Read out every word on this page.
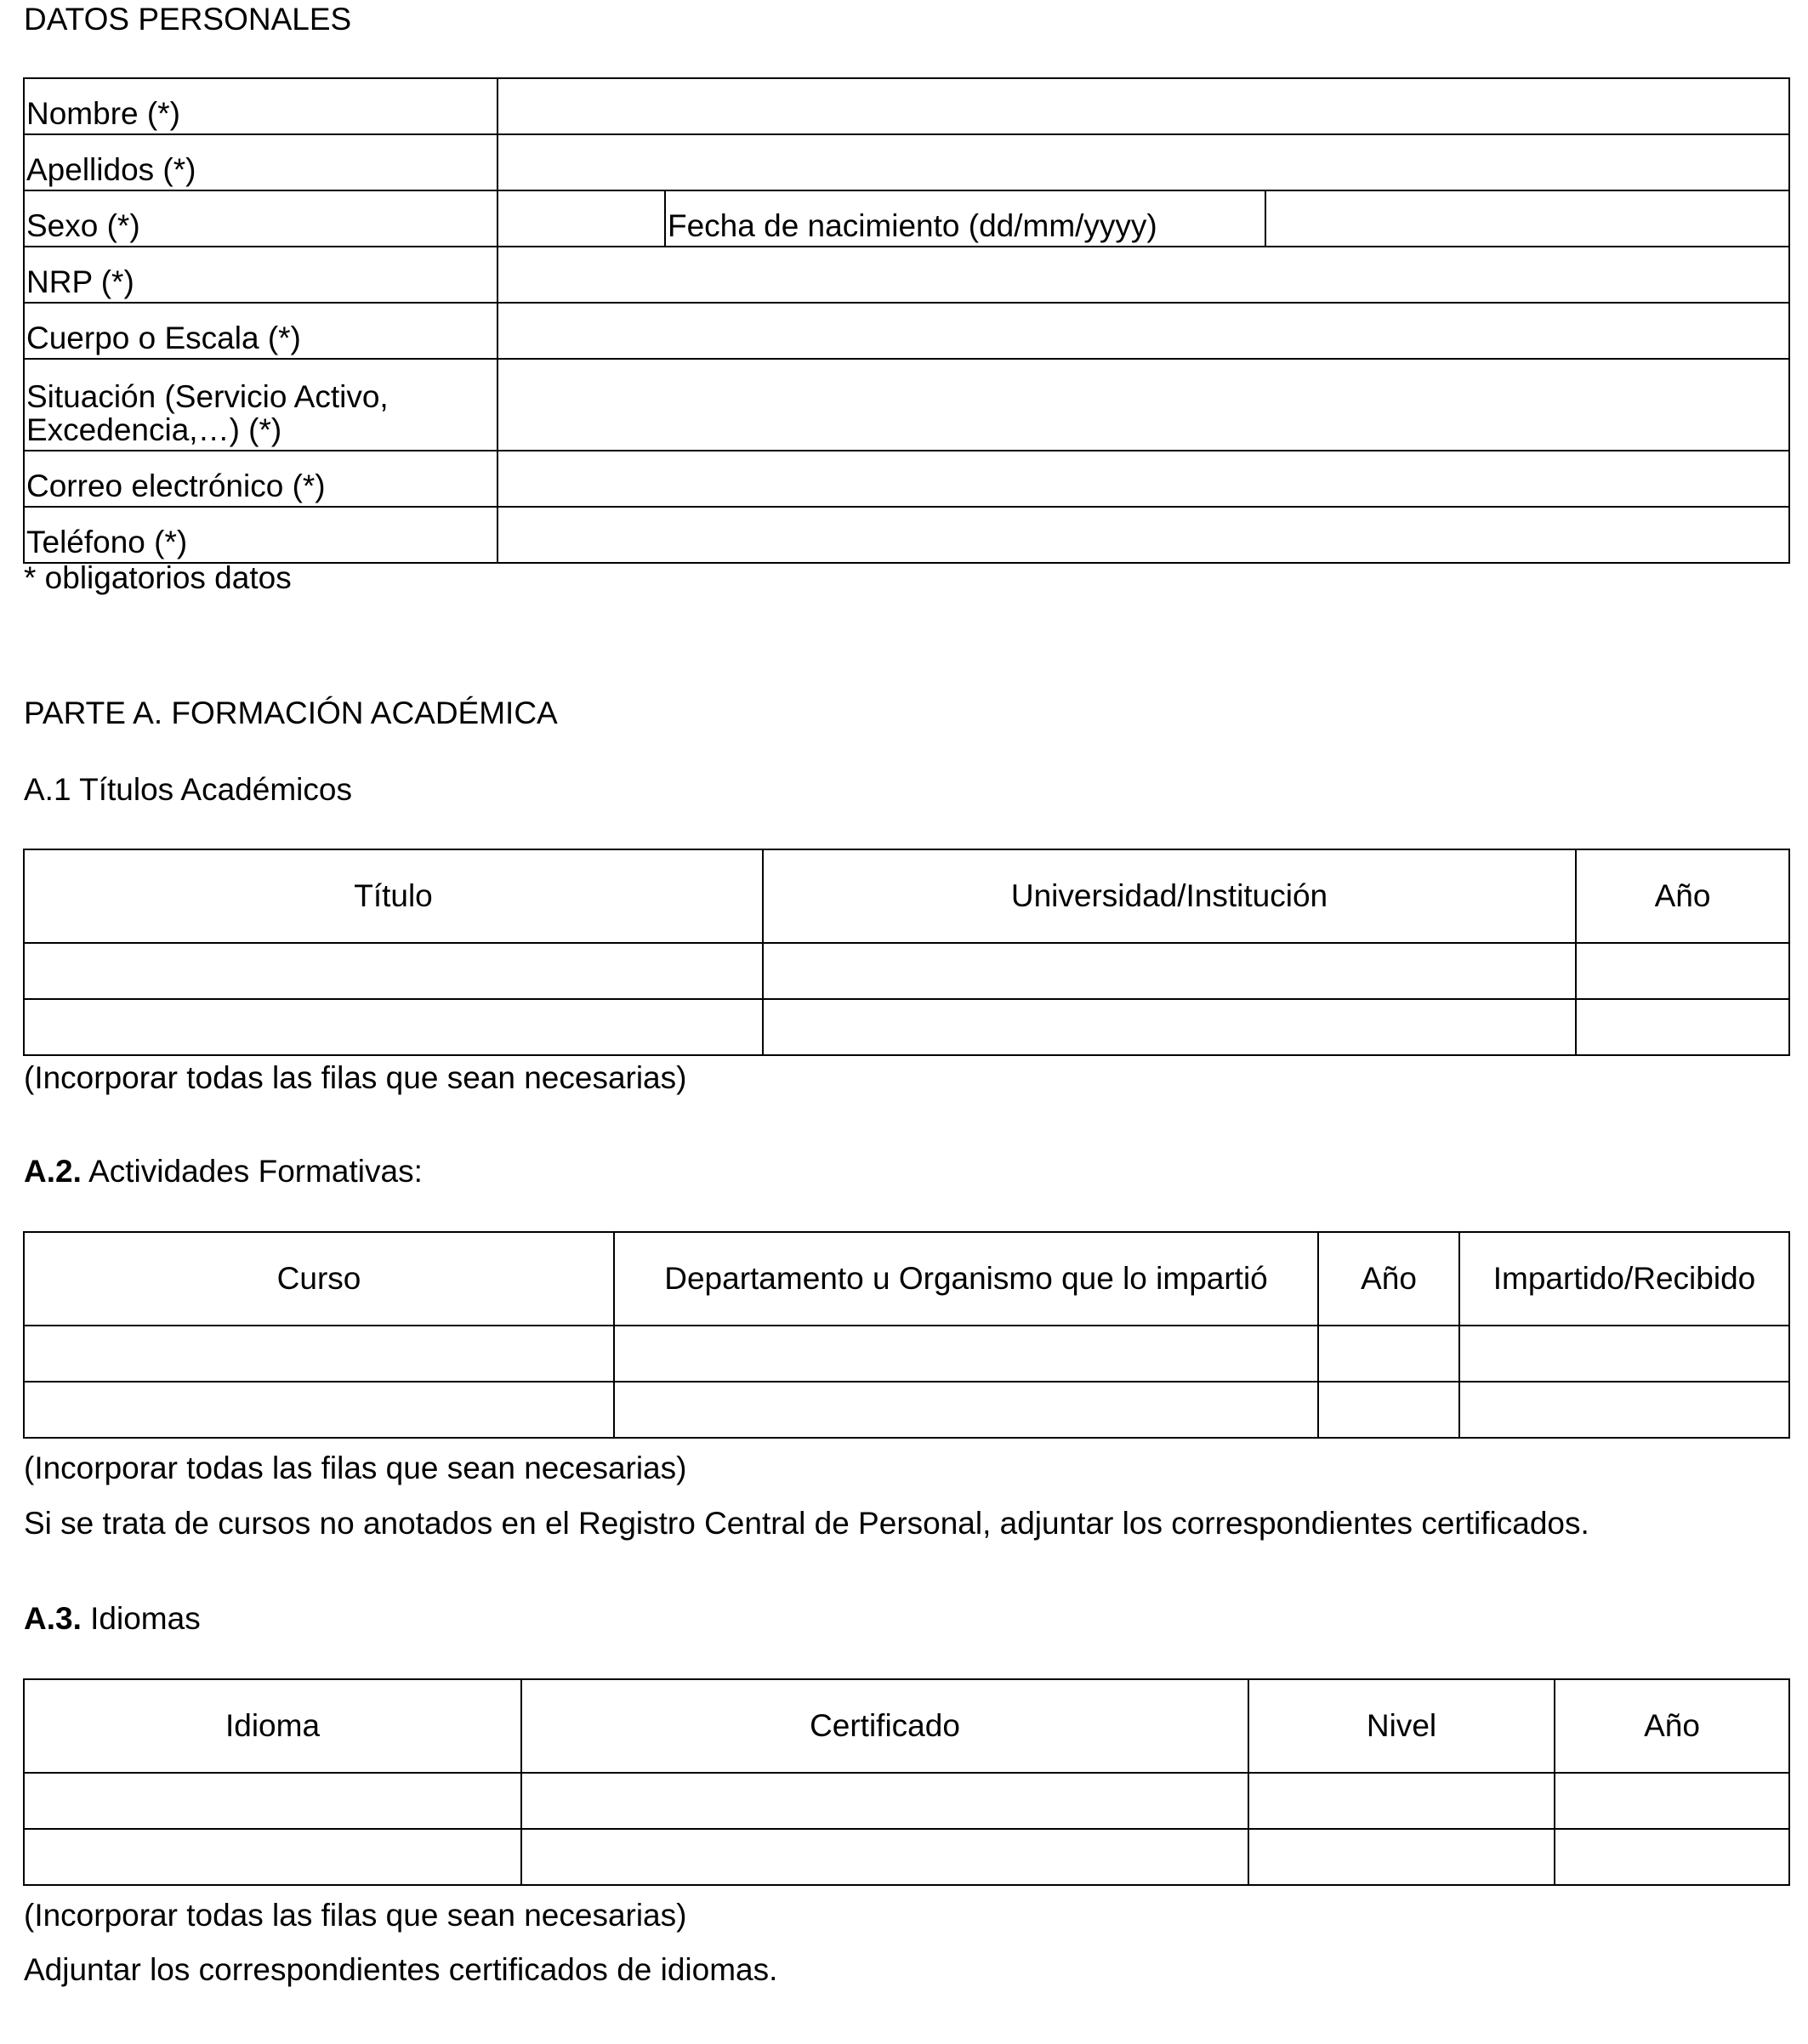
DATOS PERSONALES
Nombre (*)			
Apellidos (*)			
Sexo (*)		Fecha de nacimiento (dd/mm/yyyy)	
NRP (*)			
Cuerpo o Escala (*)			
Situación (Servicio Activo,
Excedencia,…) (*)			
Correo electrónico (*)			
Teléfono (*)			
* obligatorios datos
PARTE A. FORMACIÓN ACADÉMICA
A.1 Títulos Académicos
Título	Universidad/Institución	Año

(Incorporar todas las filas que sean necesarias)
A.2. Actividades Formativas:
Curso	Departamento u Organismo que lo impartió	Año	Impartido/Recibido

(Incorporar todas las filas que sean necesarias)
Si se trata de cursos no anotados en el Registro Central de Personal, adjuntar los correspondientes certificados.
A.3. Idiomas
Idioma	Certificado	Nivel	Año

(Incorporar todas las filas que sean necesarias)
Adjuntar los correspondientes certificados de idiomas.
